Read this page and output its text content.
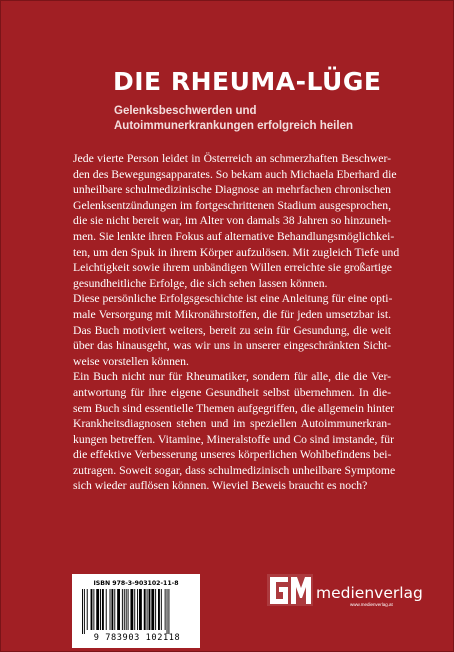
DIE RHEUMA-LÜGE
Gelenksbeschwerden und
Autoimmunerkrankungen erfolgreich heilen

Jede vierte Person leidet in Österreich an schmerzhaften Beschwer-
den des Bewegungsapparates. So bekam auch Michaela Eberhard die
unheilbare schulmedizinische Diagnose an mehrfachen chronischen
Gelenksentzündungen im fortgeschrittenen Stadium ausgesprochen,
die sie nicht bereit war, im Alter von damals 38 Jahren so hinzuneh-
men. Sie lenkte ihren Fokus auf alternative Behandlungsmöglichkei-
ten, um den Spuk in ihrem Körper aufzulösen. Mit zugleich Tiefe und
Leichtigkeit sowie ihrem unbändigen Willen erreichte sie großartige
gesundheitliche Erfolge, die sich sehen lassen können.

Diese persönliche Erfolgsgeschichte ist eine Anleitung für eine opti-
male Versorgung mit Mikronährstoffen, die für jeden umsetzbar ist.
Das Buch motiviert weiters, bereit zu sein für Gesundung, die weit
über das hinausgeht, was wir uns in unserer eingeschränkten Sicht-
weise vorstellen können.

Ein Buch nicht nur für Rheumatiker, sondern für alle, die die Ver-
antwortung für ihre eigene Gesundheit selbst übernehmen. In die-
sem Buch sind essentielle Themen aufgegriffen, die allgemein hinter
Krankheitsdiagnosen stehen und im speziellen Autoimmunerkran-
kungen betreffen. Vitamine, Mineralstoffe und Co sind imstande, für
die effektive Verbesserung unseres körperlichen Wohlbefindens bei-
zutragen. Soweit sogar, dass schulmedizinisch unheilbare Symptome
sich wieder auflösen können. Wieviel Beweis braucht es noch?

ISBN 978-3-903102-11-8
9 783903 102118
medienverlag
www.medienverlag.at
